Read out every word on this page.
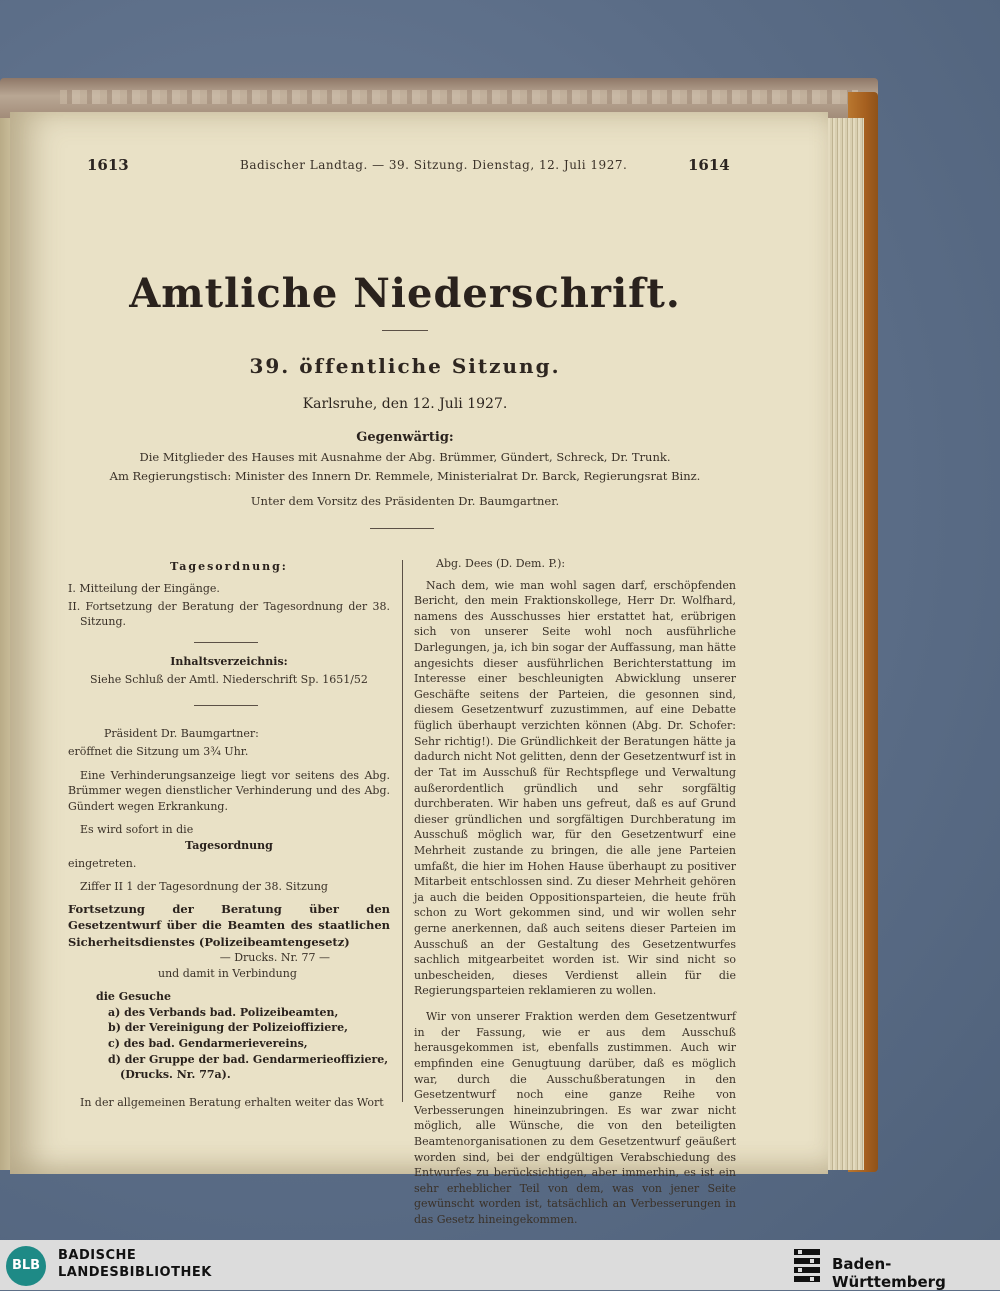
1613	Badischer Landtag. — 39. Sitzung. Dienstag, 12. Juli 1927.	1614
Amtliche Niederschrift.
39. öffentliche Sitzung.
Karlsruhe, den 12. Juli 1927.
Gegenwärtig:
Die Mitglieder des Hauses mit Ausnahme der Abg. Brümmer, Gündert, Schreck, Dr. Trunk.
Am Regierungstisch: Minister des Innern Dr. Remmele, Ministerialrat Dr. Barck, Regierungsrat Binz.
Unter dem Vorsitz des Präsidenten Dr. Baumgartner.
Tagesordnung:
I. Mitteilung der Eingänge.
II. Fortsetzung der Beratung der Tagesordnung der 38. Sitzung.
Inhaltsverzeichnis:
Siehe Schluß der Amtl. Niederschrift Sp. 1651/52
Präsident Dr. Baumgartner:
eröffnet die Sitzung um 3¾ Uhr.
Eine Verhinderungsanzeige liegt vor seitens des Abg. Brümmer wegen dienstlicher Verhinderung und des Abg. Gündert wegen Erkrankung.
Es wird sofort in die
Tagesordnung
eingetreten.
Ziffer II 1 der Tagesordnung der 38. Sitzung
Fortsetzung der Beratung über den Gesetzentwurf über die Beamten des staatlichen Sicherheitsdienstes (Polizeibeamtengesetz)
— Drucks. Nr. 77 —
und damit in Verbindung
die Gesuche
a) des Verbands bad. Polizeibeamten,
b) der Vereinigung der Polizeioffiziere,
c) des bad. Gendarmerievereins,
d) der Gruppe der bad. Gendarmerieoffiziere,
(Drucks. Nr. 77a).
In der allgemeinen Beratung erhalten weiter das Wort
Abg. Dees (D. Dem. P.):
Nach dem, wie man wohl sagen darf, erschöpfenden Bericht, den mein Fraktionskollege, Herr Dr. Wolfhard, namens des Ausschusses hier erstattet hat, erübrigen sich von unserer Seite wohl noch ausführliche Darlegungen, ja, ich bin sogar der Auffassung, man hätte angesichts dieser ausführlichen Berichterstattung im Interesse einer beschleunigten Abwicklung unserer Geschäfte seitens der Parteien, die gesonnen sind, diesem Gesetzentwurf zuzustimmen, auf eine Debatte füglich überhaupt verzichten können (Abg. Dr. Schofer: Sehr richtig!). Die Gründlichkeit der Beratungen hätte ja dadurch nicht Not gelitten, denn der Gesetzentwurf ist in der Tat im Ausschuß für Rechtspflege und Verwaltung außerordentlich gründlich und sehr sorgfältig durchberaten. Wir haben uns gefreut, daß es auf Grund dieser gründlichen und sorgfältigen Durchberatung im Ausschuß möglich war, für den Gesetzentwurf eine Mehrheit zustande zu bringen, die alle jene Parteien umfaßt, die hier im Hohen Hause überhaupt zu positiver Mitarbeit entschlossen sind. Zu dieser Mehrheit gehören ja auch die beiden Oppositionsparteien, die heute früh schon zu Wort gekommen sind, und wir wollen sehr gerne anerkennen, daß auch seitens dieser Parteien im Ausschuß an der Gestaltung des Gesetzentwurfes sachlich mitgearbeitet worden ist. Wir sind nicht so unbescheiden, dieses Verdienst allein für die Regierungsparteien reklamieren zu wollen.
Wir von unserer Fraktion werden dem Gesetzentwurf in der Fassung, wie er aus dem Ausschuß herausgekommen ist, ebenfalls zustimmen. Auch wir empfinden eine Genugtuung darüber, daß es möglich war, durch die Ausschußberatungen in den Gesetzentwurf noch eine ganze Reihe von Verbesserungen hineinzubringen. Es war zwar nicht möglich, alle Wünsche, die von den beteiligten Beamtenorganisationen zu dem Gesetzentwurf geäußert worden sind, bei der endgültigen Verabschiedung des Entwurfes zu berücksichtigen, aber immerhin, es ist ein sehr erheblicher Teil von dem, was von jener Seite gewünscht worden ist, tatsächlich an Verbesserungen in das Gesetz hineingekommen.
BLB
BADISCHE
LANDESBIBLIOTHEK	Baden-Württemberg
